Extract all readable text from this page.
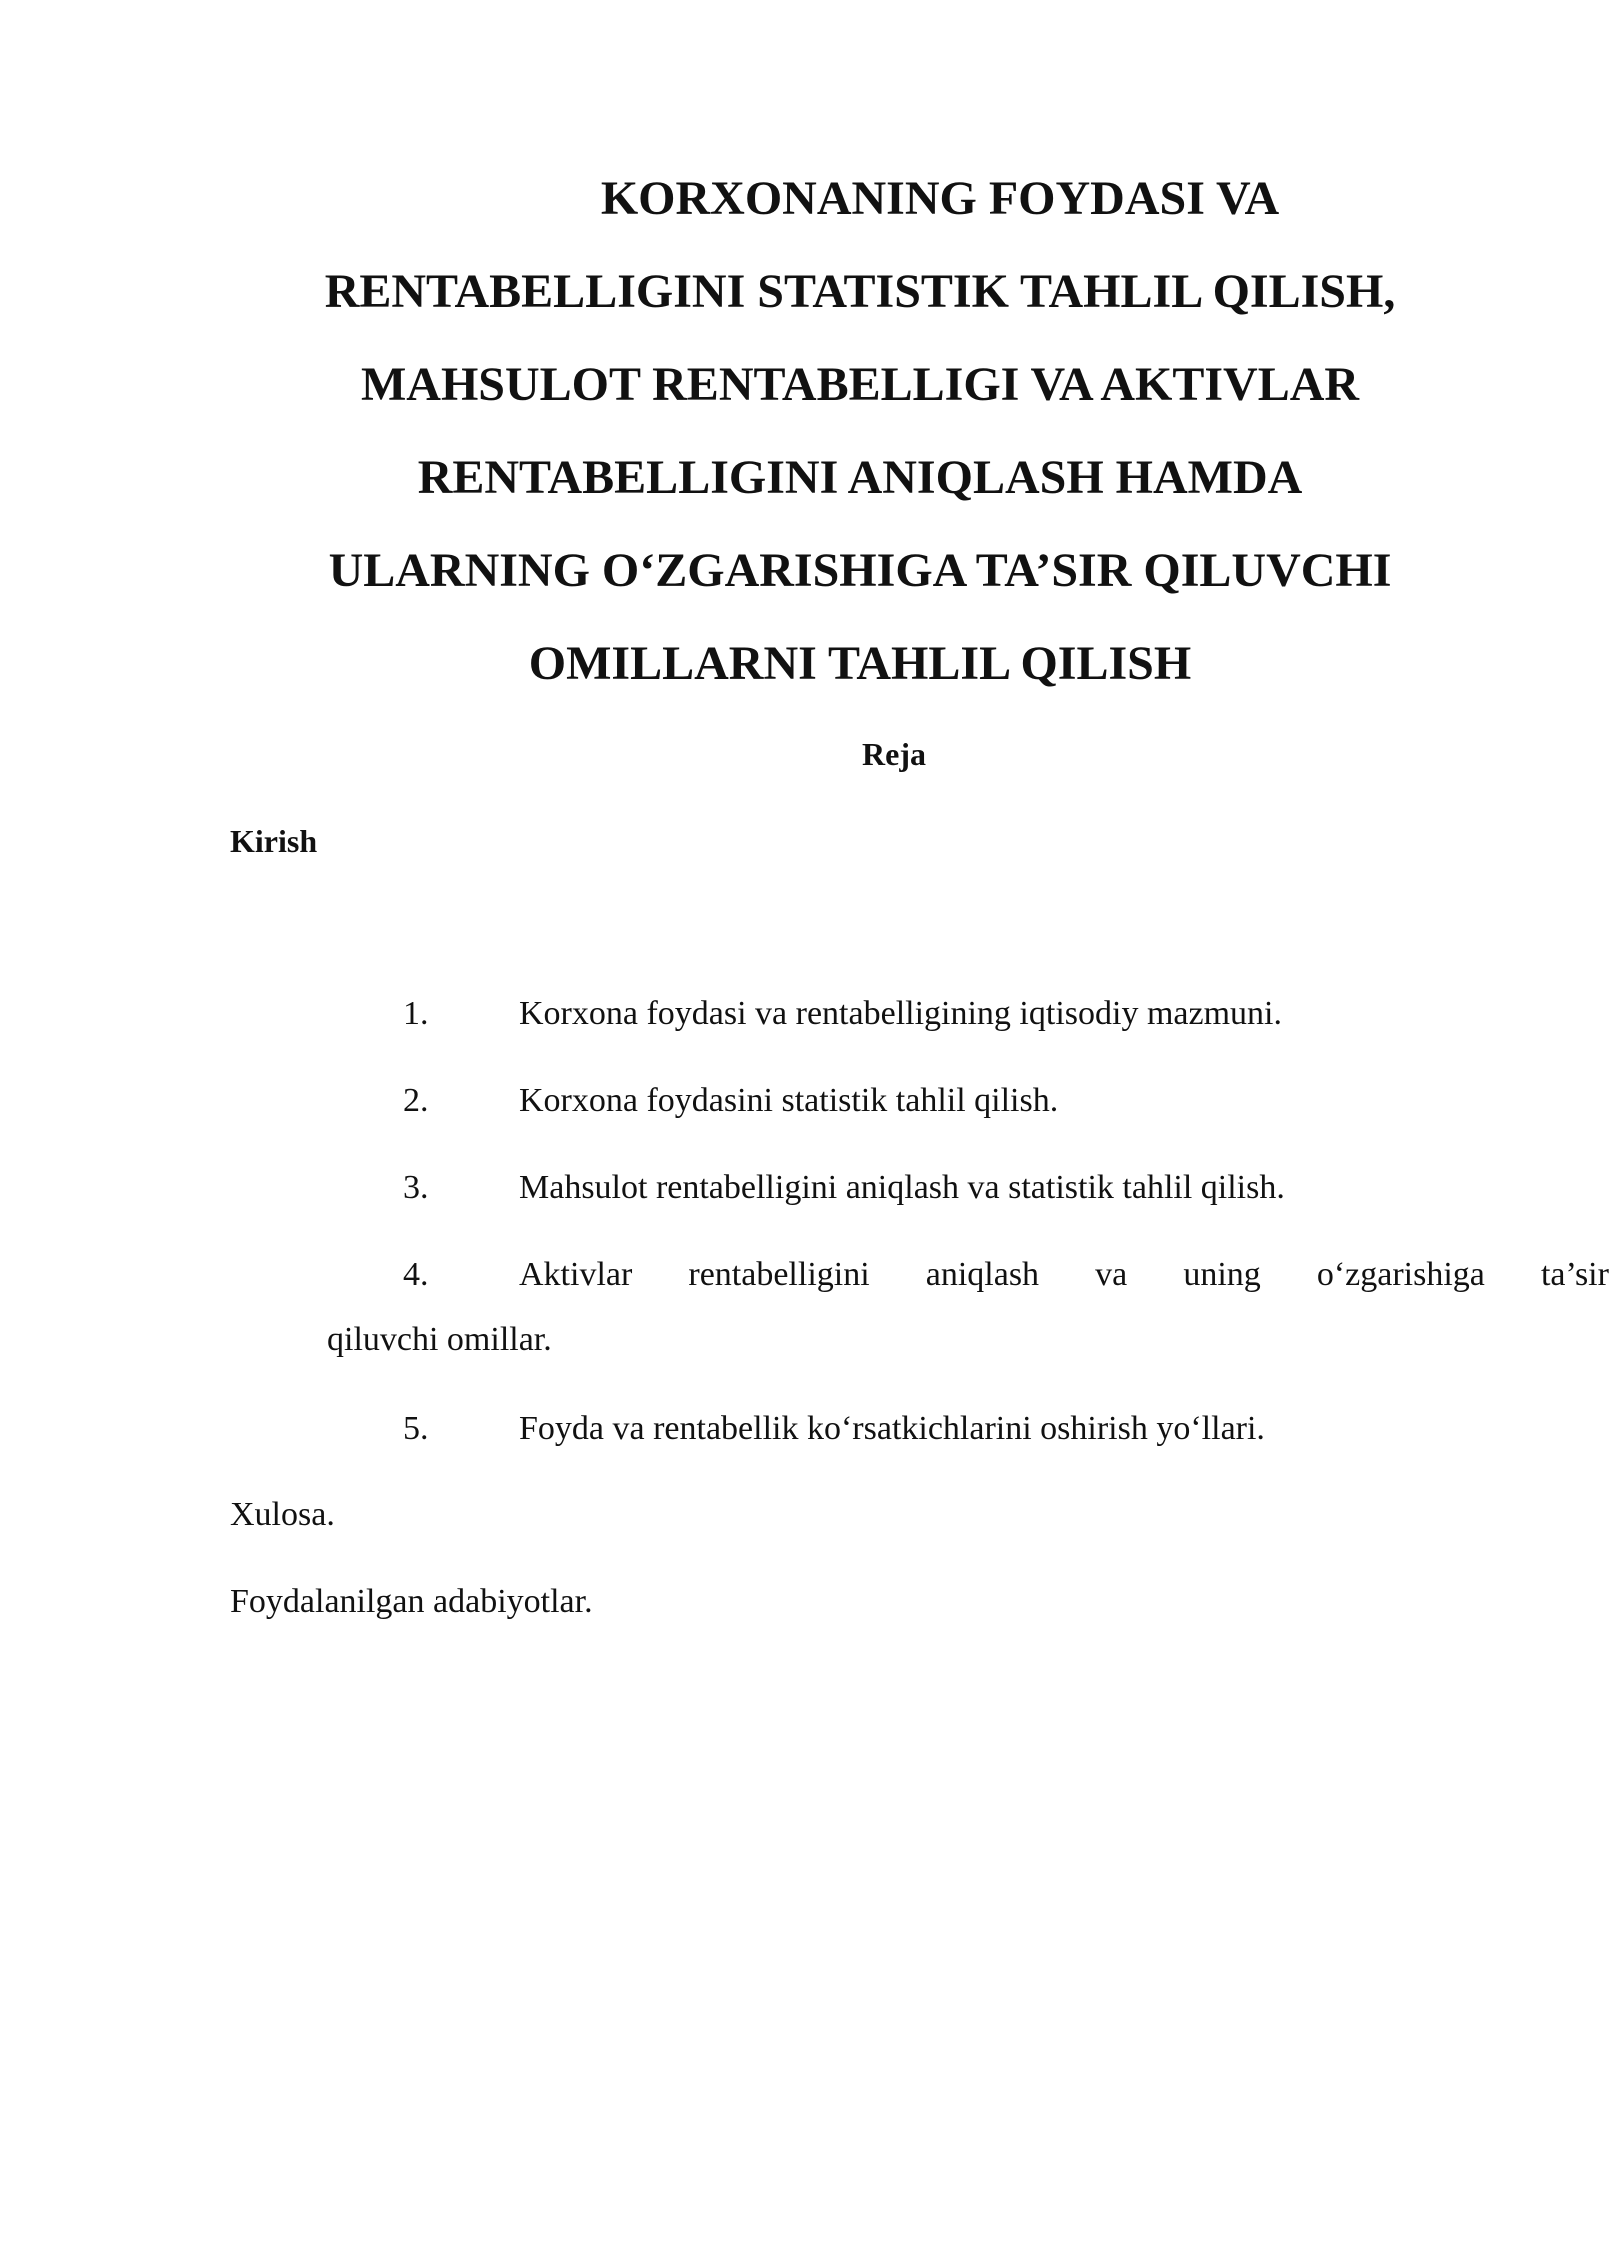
KORXONANING FOYDASI VA
RENTABELLIGINI STATISTIK TAHLIL QILISH,
MAHSULOT RENTABELLIGI VA AKTIVLAR
RENTABELLIGINI ANIQLASH HAMDA
ULARNING O‘ZGARISHIGA TA’SIR QILUVCHI
OMILLARNI TAHLIL QILISH
Reja
Kirish
1.	Korxona foydasi va rentabelligining iqtisodiy mazmuni.
2.	Korxona foydasini statistik tahlil qilish.
3.	Mahsulot rentabelligini aniqlash va statistik tahlil qilish.
4.	Aktivlar rentabelligini aniqlash va uning o‘zgarishiga ta’sir
5.	Foyda va rentabellik ko‘rsatkichlarini oshirish yo‘llari.

qiluvchi omillar.

Xulosa.

Foydalanilgan adabiyotlar.
